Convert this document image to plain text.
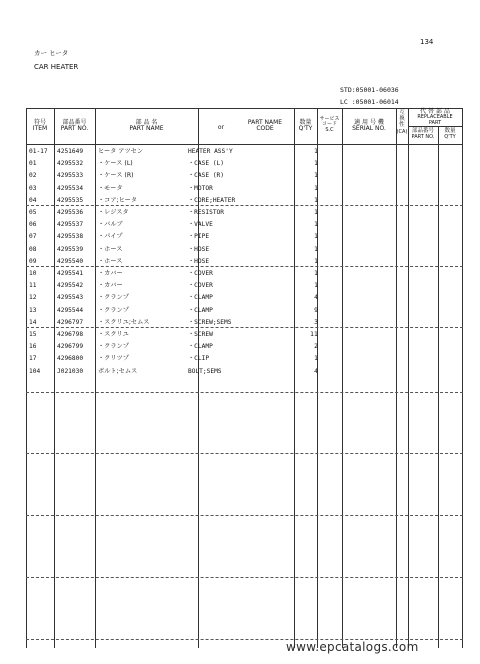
134
カー ヒータ
CAR HEATER
STD:05001-06036
LC :05001-06014
符号
ITEM
部品番号
PART NO.
部 品 名
PART NAME	or
PART NAME
CODE
数量
Q'TY
サービス
コード
S.C
適 用 号 機
SERIAL NO.
互換性
(CA)
代 替 部 品
REPLACEABLE
PART
部品番号
PART NO.
数量
Q'TY
01-17 4251649 ヒータ アツセン	HEATER ASS'Y	1
01	4295532 ・ケース (L)	・CASE (L)	1
02	4295533 ・ケース (R)	・CASE (R)	1
03	4295534 ・モータ	・MOTOR	1
04	4295535 ・コア;ヒータ	・CORE;HEATER	1
05	4295536 ・レジスタ	・RESISTOR	1
06	4295537 ・バルブ	・VALVE	1
07	4295538 ・パイプ	・PIPE	1
08	4295539 ・ホース	・HOSE	1
09	4295540 ・ホース	・HOSE	1
10	4295541 ・カバー	・COVER	1
11	4295542 ・カバー	・COVER	1
12	4295543 ・クランプ	・CLAMP	4
13	4295544 ・クランプ	・CLAMP	9
14	4296797 ・スクリユ;セムス	・SCREW;SEMS	3
15	4296798 ・スクリユ	・SCREW	11
16	4296799 ・クランプ	・CLAMP	2
17	4296800 ・クリツプ	・CLIP	1
104	J021030 ボルト;セムス	BOLT;SEMS	4
www.epcatalogs.com
